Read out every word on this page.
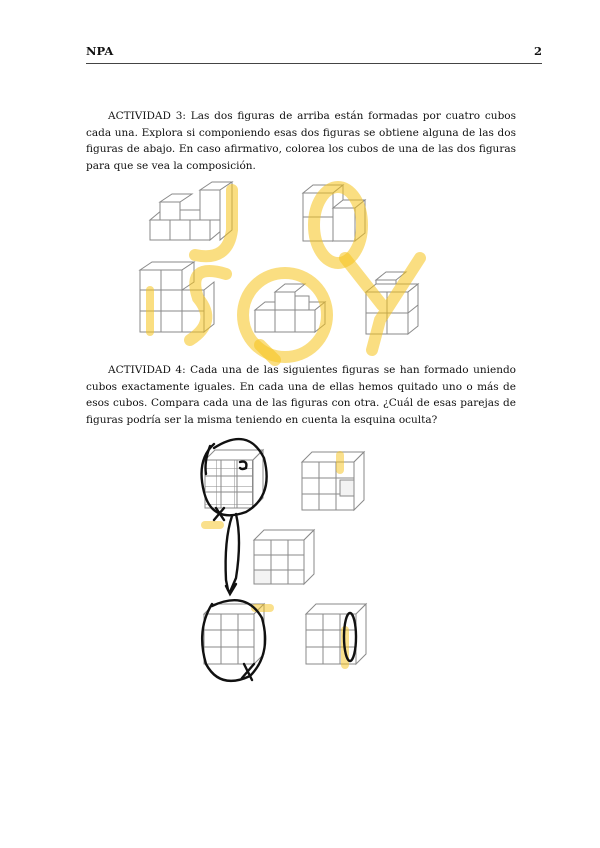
NPA	2
ACTIVIDAD 3: Las dos figuras de arriba están formadas por cuatro cubos cada una. Explora si componiendo esas dos figuras se obtiene alguna de las dos figuras de abajo. En caso afirmativo, colorea los cubos de una de las dos figuras para que se vea la composición.
ACTIVIDAD 4: Cada una de las siguientes figuras se han formado uniendo cubos exactamente iguales. En cada una de ellas hemos quitado uno o más de esos cubos. Compara cada una de las figuras con otra. ¿Cuál de esas parejas de figuras podría ser la misma teniendo en cuenta la esquina oculta?
